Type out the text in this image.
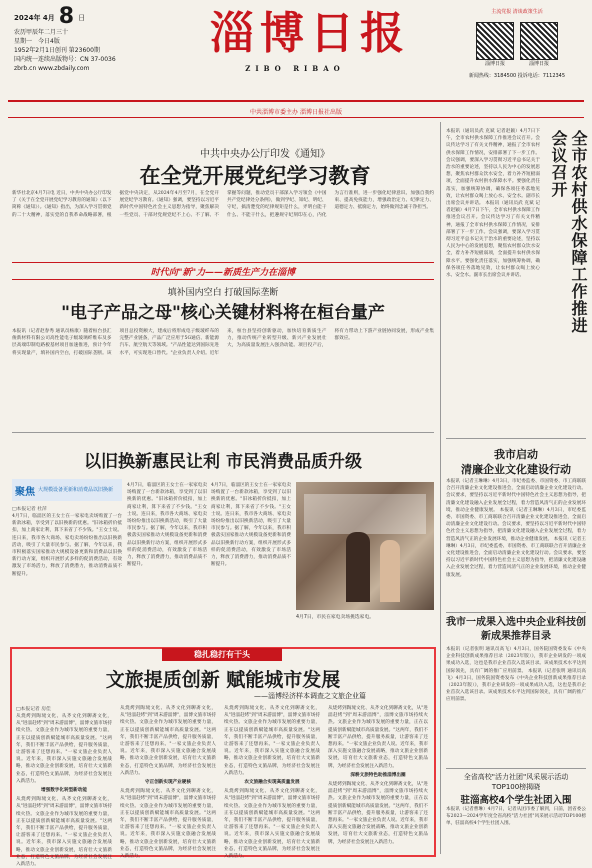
2024年 4月 8 日
农历甲辰年二月三十
星期一　 今日4版
1952年2月1日创刊 第23600期
国内统一连续出版物号：CN 37-0036
zbrb.cn www.zbdaily.com
淄博日报
ZIBO RIBAO
主流党报 清谈政策生活
淄博日报	淄博日报
新闻热线：3184500 投诉电话：7112345
中共淄博市委主办 淄博日报社出版
中共中央办公厅印发《通知》
在全党开展党纪学习教育
新华社北京4月7日电 近日，中共中央办公厅印发了《关于在全党开展党纪学习教育的通知》（以下简称《通知》）。《通知》指出，为深入学习贯彻党的二十大精神，落实党的自我革命战略部署，根据党中央决定，从2024年4月至7月，在全党开展党纪学习教育。《通知》强调，要坚持以习近平新时代中国特色社会主义思想为指导，聚焦解决一些党员、干部对党规党纪不上心、不了解、不掌握等问题，推动党员干部深入学习领会《中国共产党纪律处分条例》，做到学纪、知纪、明纪、守纪，搞清楚党的纪律规矩是什么，弄明白能干什么、不能干什么，把遵规守纪刻印在心，内化为言行准则，进一步强化纪律意识、加强自我约束、提高免疫能力，增强政治定力、纪律定力、道德定力、抵腐定力，始终做到忠诚干净担当。
时代向"新"力——新质生产力在淄博
填补国内空白 打破国际垄断
"电子产品之母"核心关键材料将在桓台量产
本报讯（记者赵春秀 通讯员杨康）随着桓台县汇俊新材料有限公司高性能电子级玻璃纤维布及多层高端印制电路板基材项目加速推进，预计今年将实现量产，填补国内空白，打破国际垄断。该项目总投资额大，建成后将形成电子级玻纤布的完整产业链条，产品广泛应用于5G通信、新能源汽车、航空航天等领域。"产品性能达到国际先进水平，可实现进口替代。"企业负责人介绍。近年来，桓台县坚持创新驱动，加快培育新质生产力，推动传统产业转型升级、新兴产业发展壮大，为高质量发展注入强劲动能。项目投产后，将有力带动上下游产业链协同发展，形成产业集群效应。
以旧换新惠民让利 市民消费品质升级
聚焦 大规模设备更新和消费品以旧换新
□本报记者 杜萍
4月7日，临淄区的王女士在一家家电卖场购置了一台新款冰箱，享受到了以旧换新的优惠。"旧冰箱折价抵扣，加上商家让利，算下来省了不少钱。"王女士说。连日来，我市各大商场、家电卖场纷纷推出以旧换新活动，吸引了大量市民参与。据了解，今年以来，我市积极落实国家推动大规模设备更新和消费品以旧换新行动方案，组织开展形式多样的促消费活动，有效激发了市场活力，释放了消费潜力，推动消费品质不断提升。
4月7日，临淄区的王女士在一家家电卖场购置了一台新款冰箱，享受到了以旧换新的优惠。"旧冰箱折价抵扣，加上商家让利，算下来省了不少钱。"王女士说。连日来，我市各大商场、家电卖场纷纷推出以旧换新活动，吸引了大量市民参与。据了解，今年以来，我市积极落实国家推动大规模设备更新和消费品以旧换新行动方案，组织开展形式多样的促消费活动，有效激发了市场活力，释放了消费潜力，推动消费品质不断提升。
4月7日，临淄区的王女士在一家家电卖场购置了一台新款冰箱，享受到了以旧换新的优惠。"旧冰箱折价抵扣，加上商家让利，算下来省了不少钱。"王女士说。连日来，我市各大商场、家电卖场纷纷推出以旧换新活动，吸引了大量市民参与。据了解，今年以来，我市积极落实国家推动大规模设备更新和消费品以旧换新行动方案，组织开展形式多样的促消费活动，有效激发了市场活力，释放了消费潜力，推动消费品质不断提升。
4月7日，市民在家电卖场挑选家电。
稳扎稳打有干头
文旅提质创新 赋能城市发展
——淄博经济样本调查之文旅企业篇
□本报记者 房佳
从烧烤到陶琉文化、从齐文化到聊斋文化，从"进淄赶烤"到"周末游淄博"，淄博文旅市场持续火热。文旅企业作为城市发展的重要力量，正在以提质创新赋能城市高质量发展。"这两年，我们不断丰富产品供给，提升服务质量，让游客来了还想再来。"一家文旅企业负责人说。近年来，我市深入实施文旅融合发展战略，推动文旅企业创新发展，培育壮大文旅新业态，打造特色文旅品牌，为经济社会发展注入新活力。
增强数字化转型新动能
从烧烤到陶琉文化、从齐文化到聊斋文化，从"进淄赶烤"到"周末游淄博"，淄博文旅市场持续火热。文旅企业作为城市发展的重要力量，正在以提质创新赋能城市高质量发展。"这两年，我们不断丰富产品供给，提升服务质量，让游客来了还想再来。"一家文旅企业负责人说。近年来，我市深入实施文旅融合发展战略，推动文旅企业创新发展，培育壮大文旅新业态，打造特色文旅品牌，为经济社会发展注入新活力。
从烧烤到陶琉文化、从齐文化到聊斋文化，从"进淄赶烤"到"周末游淄博"，淄博文旅市场持续火热。文旅企业作为城市发展的重要力量，正在以提质创新赋能城市高质量发展。"这两年，我们不断丰富产品供给，提升服务质量，让游客来了还想再来。"一家文旅企业负责人说。近年来，我市深入实施文旅融合发展战略，推动文旅企业创新发展，培育壮大文旅新业态，打造特色文旅品牌，为经济社会发展注入新活力。
守正创新实现产业硬核
从烧烤到陶琉文化、从齐文化到聊斋文化，从"进淄赶烤"到"周末游淄博"，淄博文旅市场持续火热。文旅企业作为城市发展的重要力量，正在以提质创新赋能城市高质量发展。"这两年，我们不断丰富产品供给，提升服务质量，让游客来了还想再来。"一家文旅企业负责人说。近年来，我市深入实施文旅融合发展战略，推动文旅企业创新发展，培育壮大文旅新业态，打造特色文旅品牌，为经济社会发展注入新活力。
从烧烤到陶琉文化、从齐文化到聊斋文化，从"进淄赶烤"到"周末游淄博"，淄博文旅市场持续火热。文旅企业作为城市发展的重要力量，正在以提质创新赋能城市高质量发展。"这两年，我们不断丰富产品供给，提升服务质量，让游客来了还想再来。"一家文旅企业负责人说。近年来，我市深入实施文旅融合发展战略，推动文旅企业创新发展，培育壮大文旅新业态，打造特色文旅品牌，为经济社会发展注入新活力。
农文旅融合实现高质量发展
从烧烤到陶琉文化、从齐文化到聊斋文化，从"进淄赶烤"到"周末游淄博"，淄博文旅市场持续火热。文旅企业作为城市发展的重要力量，正在以提质创新赋能城市高质量发展。"这两年，我们不断丰富产品供给，提升服务质量，让游客来了还想再来。"一家文旅企业负责人说。近年来，我市深入实施文旅融合发展战略，推动文旅企业创新发展，培育壮大文旅新业态，打造特色文旅品牌，为经济社会发展注入新活力。
从烧烤到陶琉文化、从齐文化到聊斋文化，从"进淄赶烤"到"周末游淄博"，淄博文旅市场持续火热。文旅企业作为城市发展的重要力量，正在以提质创新赋能城市高质量发展。"这两年，我们不断丰富产品供给，提升服务质量，让游客来了还想再来。"一家文旅企业负责人说。近年来，我市深入实施文旅融合发展战略，推动文旅企业创新发展，培育壮大文旅新业态，打造特色文旅品牌，为经济社会发展注入新活力。
深耕文旅特色助推淄博出圈
从烧烤到陶琉文化、从齐文化到聊斋文化，从"进淄赶烤"到"周末游淄博"，淄博文旅市场持续火热。文旅企业作为城市发展的重要力量，正在以提质创新赋能城市高质量发展。"这两年，我们不断丰富产品供给，提升服务质量，让游客来了还想再来。"一家文旅企业负责人说。近年来，我市深入实施文旅融合发展战略，推动文旅企业创新发展，培育壮大文旅新业态，打造特色文旅品牌，为经济社会发展注入新活力。
本报讯（通讯员武 克斌 记者赵颖）4月7日下午，全市农村供水保障工作推进会议召开。会议传达学习了有关文件精神，通报了全市农村供水保障工作情况，安排部署了下一步工作。会议强调，要深入学习贯彻习近平总书记关于治水的重要论述，坚持以人民为中心的发展思想，聚焦农村群众饮水安全，着力补齐短板弱项，全面提升农村供水保障水平。要强化责任落实，加强统筹协调，确保各项任务落地见效，让农村群众喝上放心水、安全水。副市长出席会议并讲话。 本报讯（通讯员武 克斌 记者赵颖）4月7日下午，全市农村供水保障工作推进会议召开。会议传达学习了有关文件精神，通报了全市农村供水保障工作情况，安排部署了下一步工作。会议强调，要深入学习贯彻习近平总书记关于治水的重要论述，坚持以人民为中心的发展思想，聚焦农村群众饮水安全，着力补齐短板弱项，全面提升农村供水保障水平。要强化责任落实，加强统筹协调，确保各项任务落地见效，让农村群众喝上放心水、安全水。副市长出席会议并讲话。	全市农村供水保障工作推进会议召开
我市启动
清廉企业文化建设行动
本报讯（记者王琳琳）4月3日，市纪委监委、市国资委、市工商联联合召开清廉企业文化建设推进会，全面启动清廉企业文化建设行动。会议要求，要坚持以习近平新时代中国特色社会主义思想为指导，把清廉文化建设融入企业发展全过程，着力营造风清气正的企业发展环境，推动企业健康发展。 本报讯（记者王琳琳）4月3日，市纪委监委、市国资委、市工商联联合召开清廉企业文化建设推进会，全面启动清廉企业文化建设行动。会议要求，要坚持以习近平新时代中国特色社会主义思想为指导，把清廉文化建设融入企业发展全过程，着力营造风清气正的企业发展环境，推动企业健康发展。 本报讯（记者王琳琳）4月3日，市纪委监委、市国资委、市工商联联合召开清廉企业文化建设推进会，全面启动清廉企业文化建设行动。会议要求，要坚持以习近平新时代中国特色社会主义思想为指导，把清廉文化建设融入企业发展全过程，着力营造风清气正的企业发展环境，推动企业健康发展。
我市一成果入选中央企业科技创新成果推荐目录
本报讯（记者张明 通讯员高飞）4月3日，国务院国资委发布《中央企业科技创新成果推荐目录（2023年版）》，我市企业研发的一项成果成功入选，这也是我市企业首次入选该目录。该成果技术水平达到国际领先，具有广阔的推广应用前景。 本报讯（记者张明 通讯员高飞）4月3日，国务院国资委发布《中央企业科技创新成果推荐目录（2023年版）》，我市企业研发的一项成果成功入选，这也是我市企业首次入选该目录。该成果技术水平达到国际领先，具有广阔的推广应用前景。
全省高校"活力社团"风采展示活动
TOP100榜揭晓
驻淄高校4个学生社团入围
本报讯（记者曹琳）4月7日，记者从团市委了解到，日前，团省委公布2023—2024学年度全省高校"活力社团"风采展示活动TOP100榜单，驻淄高校4个学生社团入围。
